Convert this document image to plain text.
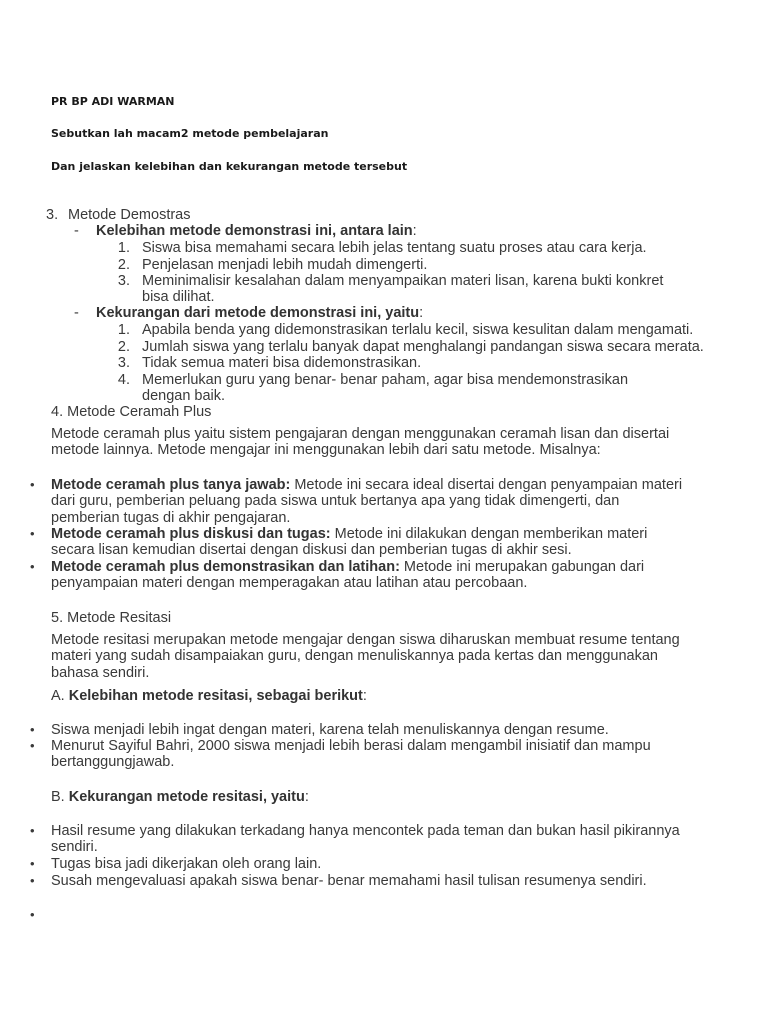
PR BP ADI WARMAN

Sebutkan lah macam2 metode pembelajaran

Dan jelaskan kelebihan dan kekurangan metode tersebut

3. Metode Demostras

- Kelebihan metode demonstrasi ini, antara lain:

1. Siswa bisa memahami secara lebih jelas tentang suatu proses atau cara kerja.

2. Penjelasan menjadi lebih mudah dimengerti.

3. Meminimalisir kesalahan dalam menyampaikan materi lisan, karena bukti konkret bisa dilihat.

- Kekurangan dari metode demonstrasi ini, yaitu:

1. Apabila benda yang didemonstrasikan terlalu kecil, siswa kesulitan dalam mengamati.

2. Jumlah siswa yang terlalu banyak dapat menghalangi pandangan siswa secara merata.

3. Tidak semua materi bisa didemonstrasikan.

4. Memerlukan guru yang benar- benar paham, agar bisa mendemonstrasikan dengan baik.

4. Metode Ceramah Plus

Metode ceramah plus yaitu sistem pengajaran dengan menggunakan ceramah lisan dan disertai metode lainnya. Metode mengajar ini menggunakan lebih dari satu metode. Misalnya:

• Metode ceramah plus tanya jawab: Metode ini secara ideal disertai dengan penyampaian materi dari guru, pemberian peluang pada siswa untuk bertanya apa yang tidak dimengerti, dan pemberian tugas di akhir pengajaran.

• Metode ceramah plus diskusi dan tugas: Metode ini dilakukan dengan memberikan materi secara lisan kemudian disertai dengan diskusi dan pemberian tugas di akhir sesi.

• Metode ceramah plus demonstrasikan dan latihan: Metode ini merupakan gabungan dari penyampaian materi dengan memperagakan atau latihan atau percobaan.

5. Metode Resitasi

Metode resitasi merupakan metode mengajar dengan siswa diharuskan membuat resume tentang materi yang sudah disampaiakan guru, dengan menuliskannya pada kertas dan menggunakan bahasa sendiri.

A. Kelebihan metode resitasi, sebagai berikut:

• Siswa menjadi lebih ingat dengan materi, karena telah menuliskannya dengan resume.

• Menurut Sayiful Bahri, 2000 siswa menjadi lebih berasi dalam mengambil inisiatif dan mampu bertanggungjawab.

B. Kekurangan metode resitasi, yaitu:

• Hasil resume yang dilakukan terkadang hanya mencontek pada teman dan bukan hasil pikirannya sendiri.

• Tugas bisa jadi dikerjakan oleh orang lain.

• Susah mengevaluasi apakah siswa benar- benar memahami hasil tulisan resumenya sendiri.

•
